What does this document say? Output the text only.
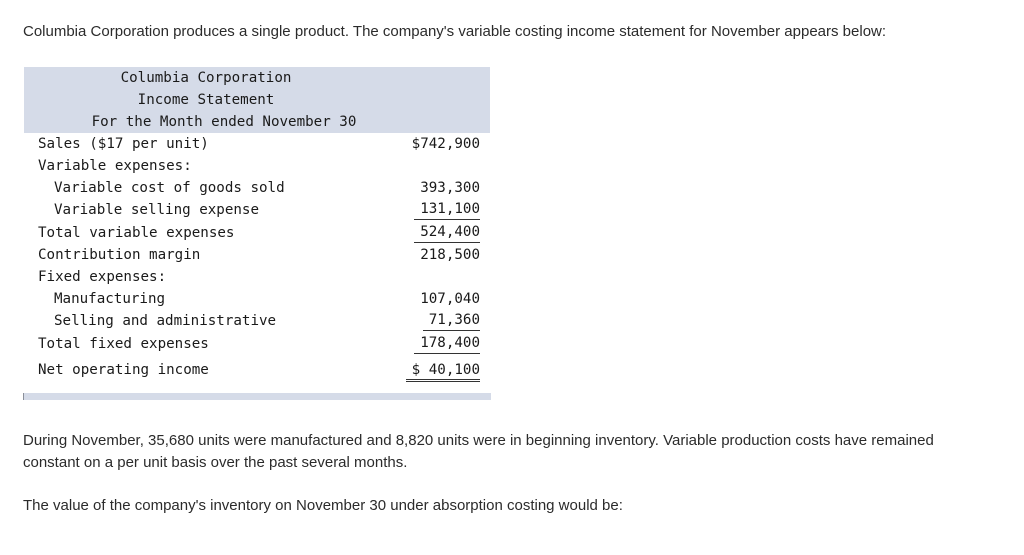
Columbia Corporation produces a single product. The company's variable costing income statement for November appears below:
Columbia Corporation
Income Statement
For the Month ended November 30
Sales ($17 per unit)	$742,900
Variable expenses:
Variable cost of goods sold	393,300
Variable selling expense	131,100
Total variable expenses	524,400
Contribution margin	218,500
Fixed expenses:
Manufacturing	107,040
Selling and administrative	71,360
Total fixed expenses	178,400
Net operating income	$ 40,100
During November, 35,680 units were manufactured and 8,820 units were in beginning inventory. Variable production costs have remained constant on a per unit basis over the past several months.
The value of the company's inventory on November 30 under absorption costing would be:
